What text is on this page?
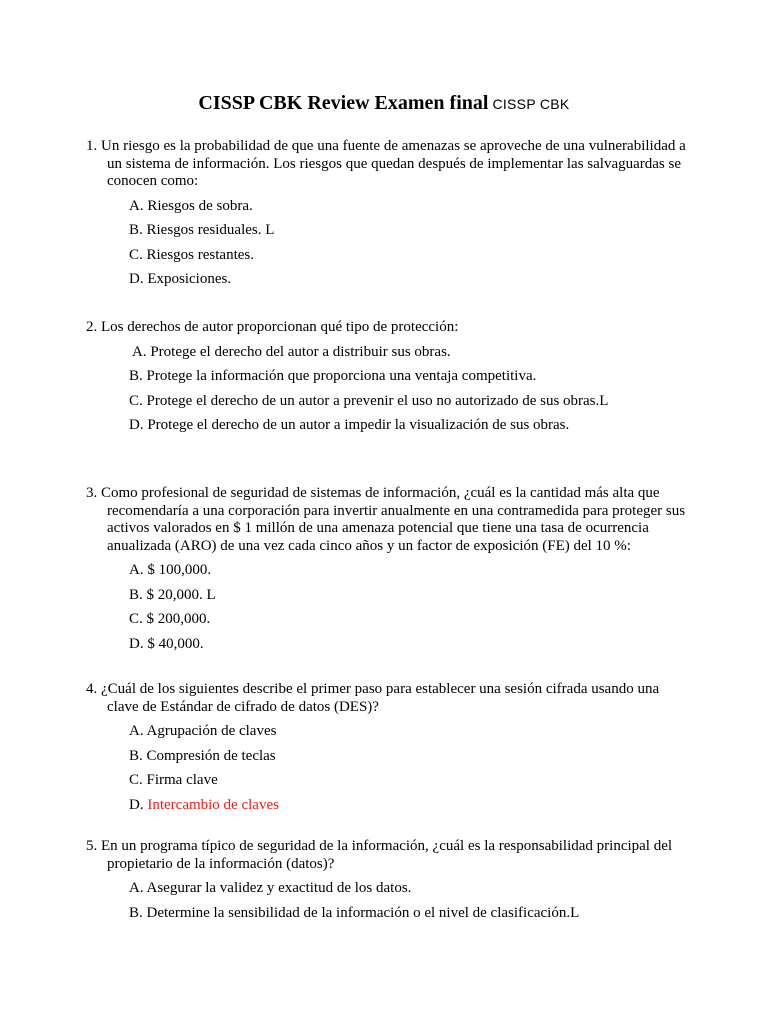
CISSP CBK Review Examen final CISSP CBK
1. Un riesgo es la probabilidad de que una fuente de amenazas se aproveche de una vulnerabilidad a un sistema de información. Los riesgos que quedan después de implementar las salvaguardas se conocen como:
A. Riesgos de sobra.
B. Riesgos residuales. L
C. Riesgos restantes.
D. Exposiciones.
2. Los derechos de autor proporcionan qué tipo de protección:
A. Protege el derecho del autor a distribuir sus obras.
B. Protege la información que proporciona una ventaja competitiva.
C. Protege el derecho de un autor a prevenir el uso no autorizado de sus obras.L
D. Protege el derecho de un autor a impedir la visualización de sus obras.
3. Como profesional de seguridad de sistemas de información, ¿cuál es la cantidad más alta que recomendaría a una corporación para invertir anualmente en una contramedida para proteger sus activos valorados en $ 1 millón de una amenaza potencial que tiene una tasa de ocurrencia anualizada (ARO) de una vez cada cinco años y un factor de exposición (FE) del 10 %:
A. $ 100,000.
B. $ 20,000. L
C. $ 200,000.
D. $ 40,000.
4. ¿Cuál de los siguientes describe el primer paso para establecer una sesión cifrada usando una clave de Estándar de cifrado de datos (DES)?
A. Agrupación de claves
B. Compresión de teclas
C. Firma clave
D. Intercambio de claves
5. En un programa típico de seguridad de la información, ¿cuál es la responsabilidad principal del propietario de la información (datos)?
A. Asegurar la validez y exactitud de los datos.
B. Determine la sensibilidad de la información o el nivel de clasificación.L
